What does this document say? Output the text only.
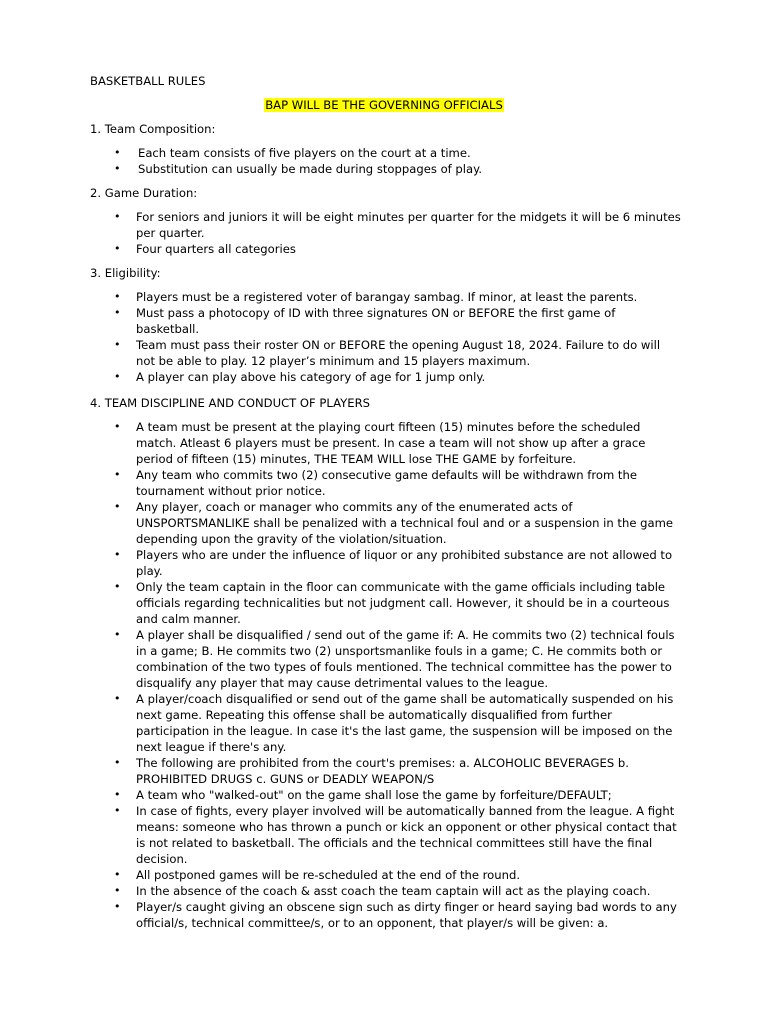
BASKETBALL RULES
BAP WILL BE THE GOVERNING OFFICIALS

1. Team Composition:

• Each team consists of five players on the court at a time.
• Substitution can usually be made during stoppages of play.

2. Game Duration:

• For seniors and juniors it will be eight minutes per quarter for the midgets it will be 6 minutes per quarter.
• Four quarters all categories

3. Eligibility:

• Players must be a registered voter of barangay sambag. If minor, at least the parents.
• Must pass a photocopy of ID with three signatures ON or BEFORE the first game of basketball.
• Team must pass their roster ON or BEFORE the opening August 18, 2024. Failure to do will not be able to play. 12 player’s minimum and 15 players maximum.
• A player can play above his category of age for 1 jump only.

4. TEAM DISCIPLINE AND CONDUCT OF PLAYERS

• A team must be present at the playing court fifteen (15) minutes before the scheduled match. Atleast 6 players must be present. In case a team will not show up after a grace period of fifteen (15) minutes, THE TEAM WILL lose THE GAME by forfeiture.
• Any team who commits two (2) consecutive game defaults will be withdrawn from the tournament without prior notice.
• Any player, coach or manager who commits any of the enumerated acts of UNSPORTSMANLIKE shall be penalized with a technical foul and or a suspension in the game depending upon the gravity of the violation/situation.
• Players who are under the influence of liquor or any prohibited substance are not allowed to play.
• Only the team captain in the floor can communicate with the game officials including table officials regarding technicalities but not judgment call. However, it should be in a courteous and calm manner.
• A player shall be disqualified / send out of the game if: A. He commits two (2) technical fouls in a game; B. He commits two (2) unsportsmanlike fouls in a game; C. He commits both or combination of the two types of fouls mentioned. The technical committee has the power to disqualify any player that may cause detrimental values to the league.
• A player/coach disqualified or send out of the game shall be automatically suspended on his next game. Repeating this offense shall be automatically disqualified from further participation in the league. In case it's the last game, the suspension will be imposed on the next league if there's any.
• The following are prohibited from the court's premises: a. ALCOHOLIC BEVERAGES b. PROHIBITED DRUGS c. GUNS or DEADLY WEAPON/S
• A team who "walked-out" on the game shall lose the game by forfeiture/DEFAULT;
• In case of fights, every player involved will be automatically banned from the league. A fight means: someone who has thrown a punch or kick an opponent or other physical contact that is not related to basketball. The officials and the technical committees still have the final decision.
• All postponed games will be re-scheduled at the end of the round.
• In the absence of the coach & asst coach the team captain will act as the playing coach.
• Player/s caught giving an obscene sign such as dirty finger or heard saying bad words to any official/s, technical committee/s, or to an opponent, that player/s will be given: a.
